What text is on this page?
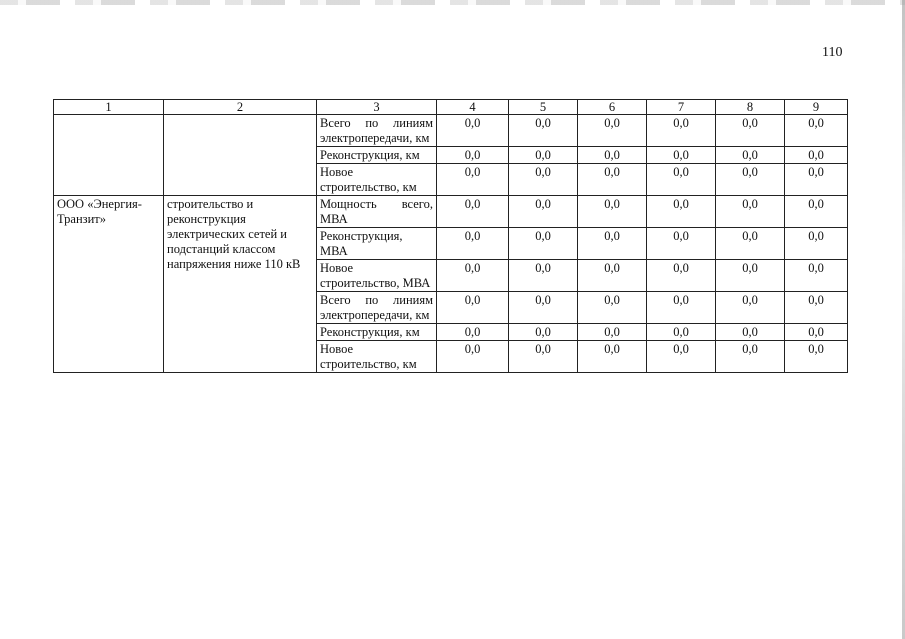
110
1	2	3	4	5	6	7	8	9
		Всего по линиям электропередачи, км	0,0	0,0	0,0	0,0	0,0	0,0
		Реконструкция, км	0,0	0,0	0,0	0,0	0,0	0,0
		Новое строительство, км	0,0	0,0	0,0	0,0	0,0	0,0
ООО «Энергия-Транзит»	строительство и реконструкция электрических сетей и подстанций классом напряжения ниже 110 кВ	Мощность всего, МВА	0,0	0,0	0,0	0,0	0,0	0,0
		Реконструкция, МВА	0,0	0,0	0,0	0,0	0,0	0,0
		Новое строительство, МВА	0,0	0,0	0,0	0,0	0,0	0,0
		Всего по линиям электропередачи, км	0,0	0,0	0,0	0,0	0,0	0,0
		Реконструкция, км	0,0	0,0	0,0	0,0	0,0	0,0
		Новое строительство, км	0,0	0,0	0,0	0,0	0,0	0,0
